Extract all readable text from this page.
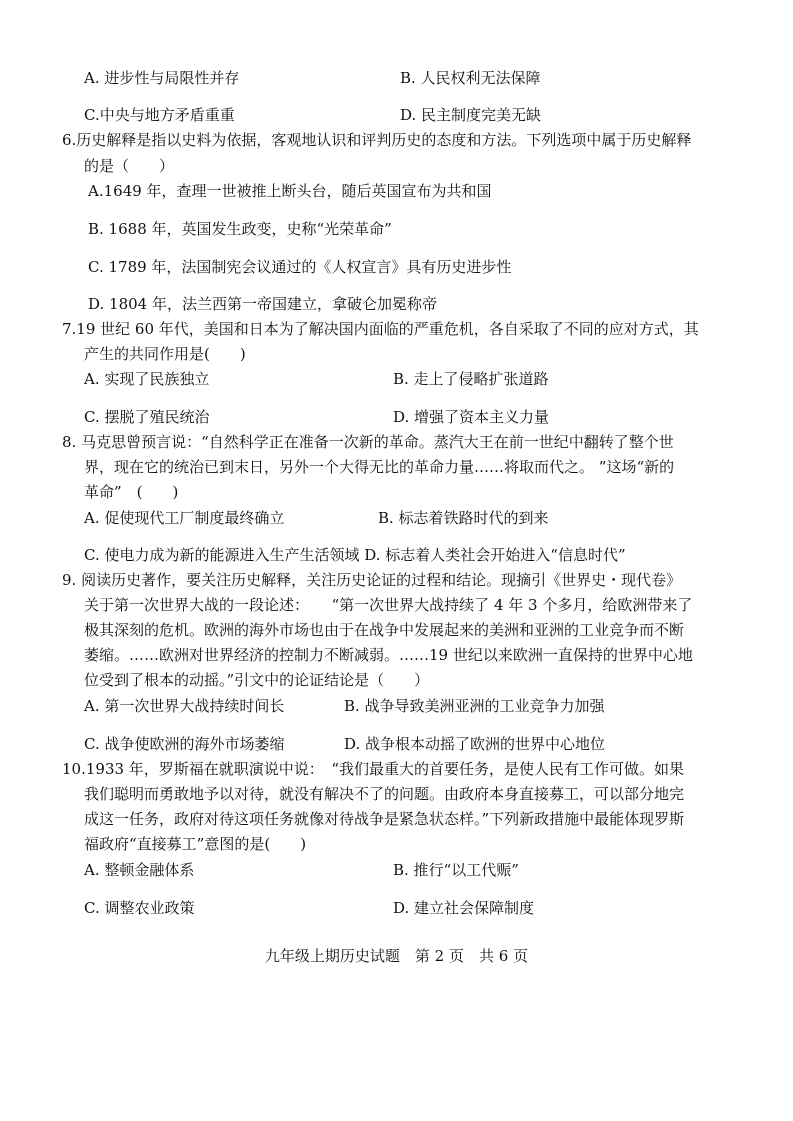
A. 进步性与局限性并存	B. 人民权利无法保障
C.中央与地方矛盾重重	D. 民主制度完美无缺
6.历史解释是指以史料为依据，客观地认识和评判历史的态度和方法。下列选项中属于历史解释
的是（　　）
A.1649 年，查理一世被推上断头台，随后英国宣布为共和国
B. 1688 年，英国发生政变，史称“光荣革命”
C. 1789 年，法国制宪会议通过的《人权宣言》具有历史进步性
D. 1804 年，法兰西第一帝国建立，拿破仑加冕称帝
7.19 世纪 60 年代，美国和日本为了解决国内面临的严重危机，各自采取了不同的应对方式，其
产生的共同作用是(　　)
A. 实现了民族独立	B. 走上了侵略扩张道路
C. 摆脱了殖民统治	D. 增强了资本主义力量
8. 马克思曾预言说：“自然科学正在准备一次新的革命。蒸汽大王在前一世纪中翻转了整个世
界，现在它的统治已到末日，另外一个大得无比的革命力量……将取而代之。 ”这场“新的
革命”　(　　)
A. 促使现代工厂制度最终确立	B. 标志着铁路时代的到来
C. 使电力成为新的能源进入生产生活领域 D. 标志着人类社会开始进入“信息时代”
9. 阅读历史著作，要关注历史解释，关注历史论证的过程和结论。现摘引《世界史・现代卷》
关于第一次世界大战的一段论述：　　“第一次世界大战持续了 4 年 3 个多月，给欧洲带来了
极其深刻的危机。欧洲的海外市场也由于在战争中发展起来的美洲和亚洲的工业竞争而不断
萎缩。……欧洲对世界经济的控制力不断减弱。……19 世纪以来欧洲一直保持的世界中心地
位受到了根本的动摇。”引文中的论证结论是（　　）
A. 第一次世界大战持续时间长	B. 战争导致美洲亚洲的工业竞争力加强
C. 战争使欧洲的海外市场萎缩	D. 战争根本动摇了欧洲的世界中心地位
10.1933 年，罗斯福在就职演说中说：　“我们最重大的首要任务，是使人民有工作可做。如果
我们聪明而勇敢地予以对待，就没有解决不了的问题。由政府本身直接募工，可以部分地完
成这一任务，政府对待这项任务就像对待战争是紧急状态样。”下列新政措施中最能体现罗斯
福政府“直接募工”意图的是(　　)
A. 整顿金融体系	B. 推行“以工代赈”
C. 调整农业政策	D. 建立社会保障制度
九年级上期历史试题　第 2 页　共 6 页
